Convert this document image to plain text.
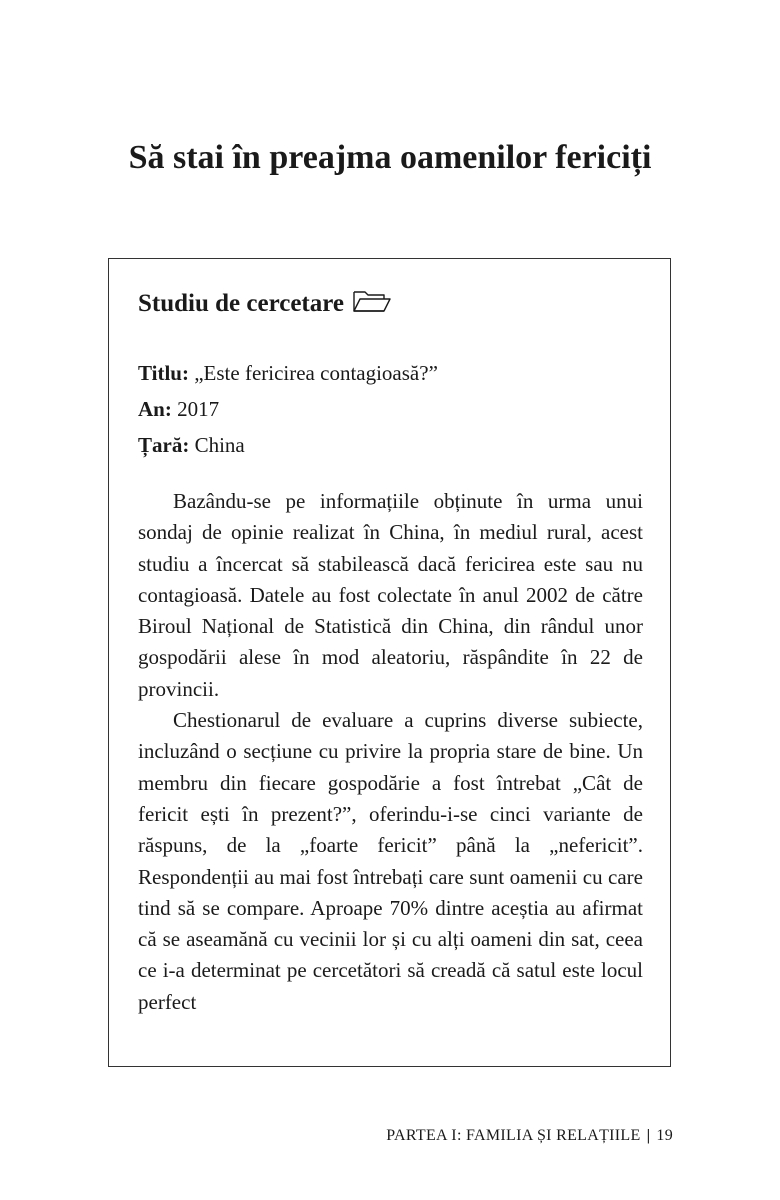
Să stai în preajma oamenilor fericiți
Studiu de cercetare
Titlu: „Este fericirea contagioasă?”
An: 2017
Țară: China

Bazându-se pe informațiile obținute în urma unui sondaj de opinie realizat în China, în mediul rural, acest studiu a încercat să stabilească dacă fericirea este sau nu contagioasă. Datele au fost colectate în anul 2002 de către Biroul Național de Statistică din China, din rândul unor gospodării alese în mod aleatoriu, răspândite în 22 de provincii.

Chestionarul de evaluare a cuprins diverse subiecte, incluzând o secțiune cu privire la propria stare de bine. Un membru din fiecare gospodărie a fost întrebat „Cât de fericit ești în prezent?”, oferindu-i-se cinci variante de răspuns, de la „foarte fericit” până la „nefericit”. Respondenții au mai fost întrebați care sunt oamenii cu care tind să se compare. Aproape 70% dintre aceștia au afirmat că se aseamănă cu vecinii lor și cu alți oameni din sat, ceea ce i-a determinat pe cercetători să creadă că satul este locul perfect

PARTEA I: FAMILIA ȘI RELAȚIILE | 19
